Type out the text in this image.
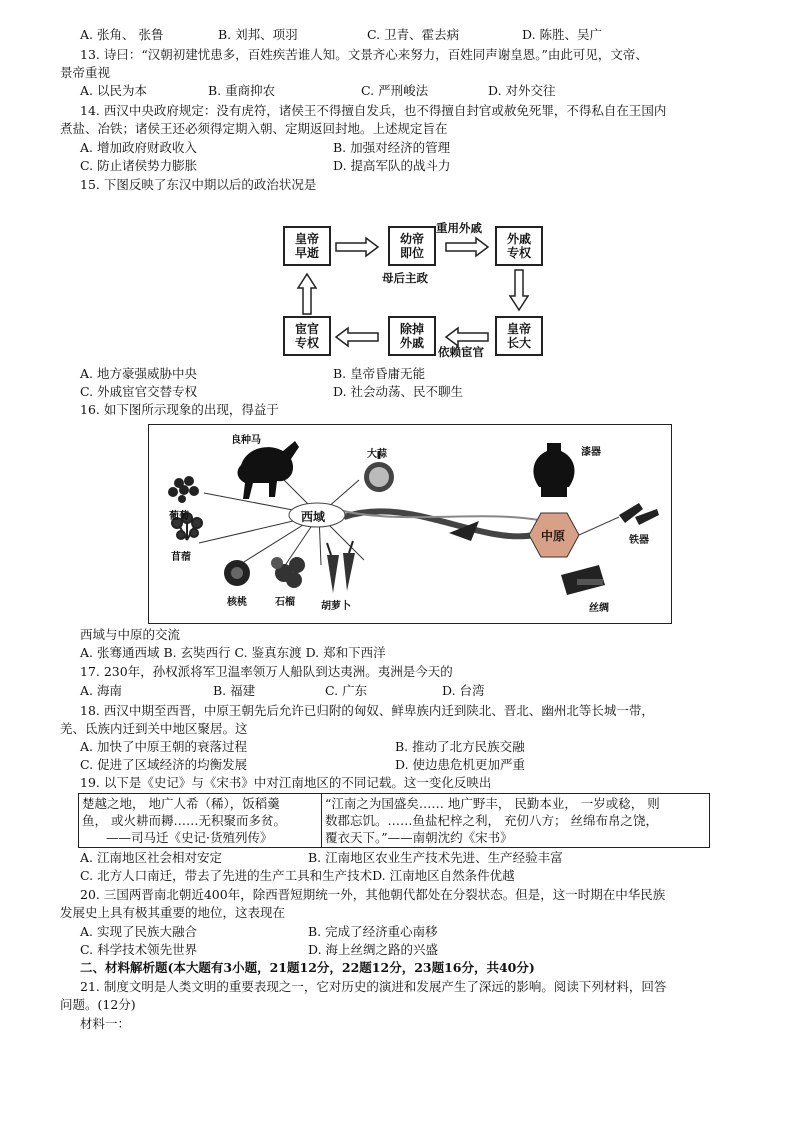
A. 张角、 张鲁	B. 刘邦、项羽	C. 卫青、霍去病	D. 陈胜、吴广
13. 诗曰：“汉朝初建忧患多，百姓疾苦谁人知。文景齐心来努力，百姓同声谢皇恩。”由此可见，文帝、
景帝重视
A. 以民为本	B. 重商抑农	C. 严刑峻法	D. 对外交往
14. 西汉中央政府规定：没有虎符，诸侯王不得擅自发兵，也不得擅自封官或赦免死罪，不得私自在王国内
煮盐、冶铁；诸侯王还必须得定期入朝、定期返回封地。上述规定旨在
A. 增加政府财政收入	B. 加强对经济的管理
C. 防止诸侯势力膨胀	D. 提高军队的战斗力
15. 下图反映了东汉中期以后的政治状况是
皇帝
早逝
幼帝
即位
外戚
专权
皇帝
长大
除掉
外戚
宦官
专权
重用外戚
母后主政
依赖宦官
A. 地方豪强威胁中央	B. 皇帝昏庸无能
C. 外戚宦官交替专权	D. 社会动荡、民不聊生
16. 如下图所示现象的出现，得益于
良种马
大蒜
葡萄
苜蓿
核桃	石榴	胡萝卜
西域
中原
漆器
铁器
丝绸
西域与中原的交流
A. 张骞通西域 B. 玄奘西行 C. 鉴真东渡 D. 郑和下西洋
17. 230年，孙权派将军卫温率领万人船队到达夷洲。夷洲是今天的
A. 海南	B. 福建	C. 广东	D. 台湾
18. 西汉中期至西晋，中原王朝先后允许已归附的匈奴、鲜卑族内迁到陕北、晋北、幽州北等长城一带，
羌、氐族内迁到关中地区聚居。这
A. 加快了中原王朝的衰落过程	B. 推动了北方民族交融
C. 促进了区域经济的均衡发展	D. 使边患危机更加严重
19. 以下是《史记》与《宋书》中对江南地区的不同记载。这一变化反映出
楚越之地， 地广人希（稀），饭稻羹
鱼， 或火耕而耨……无积聚而多贫。
——司马迁《史记·货殖列传》

“江南之为国盛矣…… 地广野丰， 民勤本业， 一岁或稔， 则
数郡忘饥。……鱼盐杞梓之利， 充仞八方； 丝绵布帛之饶，
覆衣天下。”——南朝沈约《宋书》
A. 江南地区社会相对安定	B. 江南地区农业生产技术先进、生产经验丰富
C. 北方人口南迁，带去了先进的生产工具和生产技术D. 江南地区自然条件优越
20. 三国两晋南北朝近400年，除西晋短期统一外，其他朝代都处在分裂状态。但是，这一时期在中华民族
发展史上具有极其重要的地位，这表现在
A. 实现了民族大融合	B. 完成了经济重心南移
C. 科学技术领先世界	D. 海上丝绸之路的兴盛
二、材料解析题(本大题有3小题，21题12分，22题12分，23题16分，共40分)
21. 制度文明是人类文明的重要表现之一，它对历史的演进和发展产生了深远的影响。阅读下列材料，回答
问题。(12分)
材料一：
